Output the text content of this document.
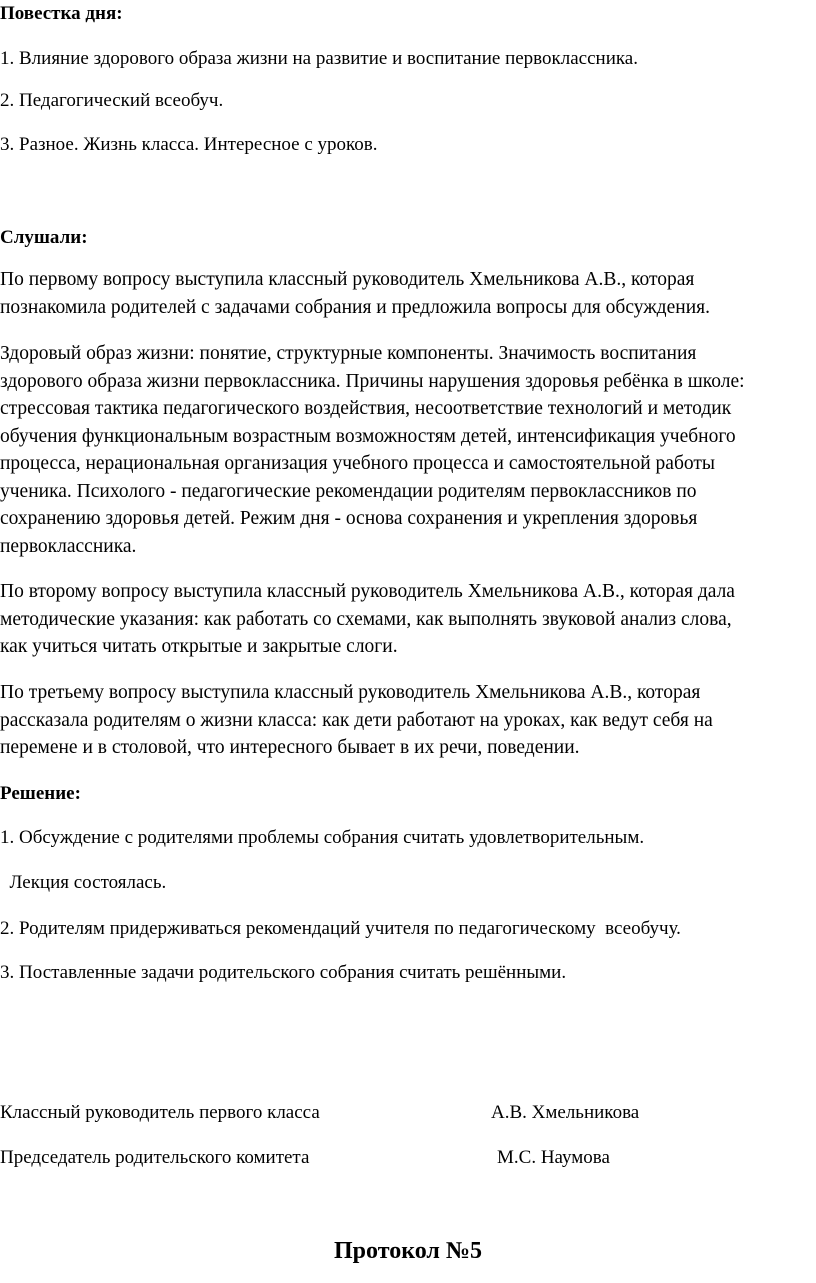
Повестка дня:

1. Влияние здорового образа жизни на развитие и воспитание первоклассника.

2. Педагогический всеобуч.

3. Разное. Жизнь класса. Интересное с уроков.

Слушали:

По первому вопросу выступила классный руководитель Хмельникова А.В., которая
познакомила родителей с задачами собрания и предложила вопросы для обсуждения.
Здоровый образ жизни: понятие, структурные компоненты. Значимость воспитания
здорового образа жизни первоклассника. Причины нарушения здоровья ребёнка в школе:
стрессовая тактика педагогического воздействия, несоответствие технологий и методик
обучения функциональным возрастным возможностям детей, интенсификация учебного
процесса, нерациональная организация учебного процесса и самостоятельной работы
ученика. Психолого - педагогические рекомендации родителям первоклассников по
сохранению здоровья детей. Режим дня - основа сохранения и укрепления здоровья
первоклассника.
По второму вопросу выступила классный руководитель Хмельникова А.В., которая дала
методические указания: как работать со схемами, как выполнять звуковой анализ слова,
как учиться читать открытые и закрытые слоги.
По третьему вопросу выступила классный руководитель Хмельникова А.В., которая
рассказала родителям о жизни класса: как дети работают на уроках, как ведут себя на
перемене и в столовой, что интересного бывает в их речи, поведении.

Решение:

1. Обсуждение с родителями проблемы собрания считать удовлетворительным.

Лекция состоялась.

2. Родителям придерживаться рекомендаций учителя по педагогическому  всеобучу.

3. Поставленные задачи родительского собрания считать решёнными.

Классный руководитель первого класса	А.В. Хмельникова
Председатель родительского комитета	М.С. Наумова
Протокол №5
